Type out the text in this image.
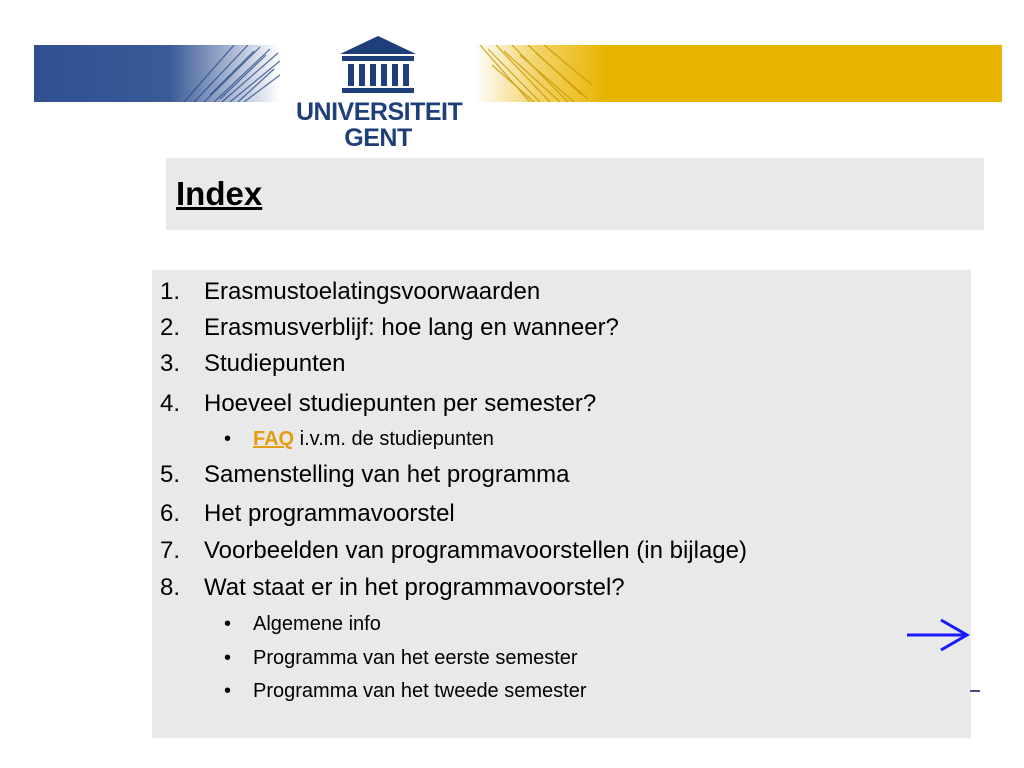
UNIVERSITEIT
GENT
Index
1. Erasmustoelatingsvoorwaarden
2. Erasmusverblijf: hoe lang en wanneer?
3. Studiepunten
4. Hoeveel studiepunten per semester?
• FAQ i.v.m. de studiepunten
5. Samenstelling van het programma
6. Het programmavoorstel
7. Voorbeelden van programmavoorstellen (in bijlage)
8. Wat staat er in het programmavoorstel?
• Algemene info
• Programma van het eerste semester
• Programma van het tweede semester
